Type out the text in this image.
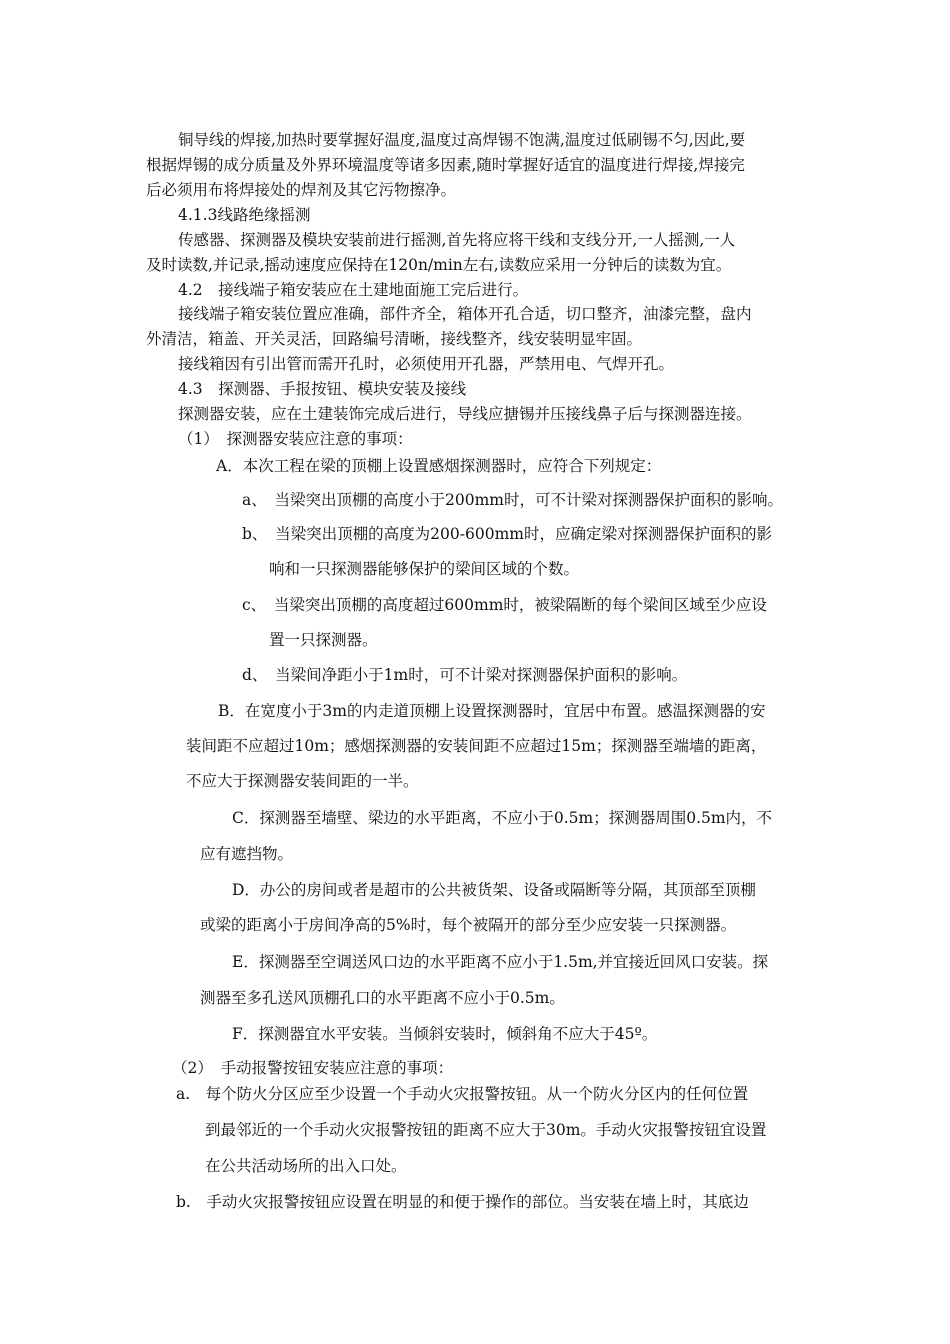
铜导线的焊接,加热时要掌握好温度,温度过高焊锡不饱满,温度过低刷锡不匀,因此,要
根据焊锡的成分质量及外界环境温度等诸多因素,随时掌握好适宜的温度进行焊接,焊接完
后必须用布将焊接处的焊剂及其它污物擦净。
4.1.3线路绝缘摇测
传感器、探测器及模块安装前进行摇测,首先将应将干线和支线分开,一人摇测,一人
及时读数,并记录,摇动速度应保持在120n/min左右,读数应采用一分钟后的读数为宜。
4.2　接线端子箱安装应在土建地面施工完后进行。
接线端子箱安装位置应准确，部件齐全，箱体开孔合适，切口整齐，油漆完整，盘内
外清洁，箱盖、开关灵活，回路编号清晰，接线整齐，线安装明显牢固。
接线箱因有引出管而需开孔时，必须使用开孔器，严禁用电、气焊开孔。
4.3　探测器、手报按钮、模块安装及接线
探测器安装，应在土建装饰完成后进行，导线应搪锡并压接线鼻子后与探测器连接。
（1）　探测器安装应注意的事项：
A．本次工程在梁的顶棚上设置感烟探测器时，应符合下列规定：
a、　当梁突出顶棚的高度小于200mm时，可不计梁对探测器保护面积的影响。
b、　当梁突出顶棚的高度为200-600mm时，应确定梁对探测器保护面积的影
响和一只探测器能够保护的梁间区域的个数。
c、　当梁突出顶棚的高度超过600mm时，被梁隔断的每个梁间区域至少应设
置一只探测器。
d、　当梁间净距小于1m时，可不计梁对探测器保护面积的影响。
B．在宽度小于3m的内走道顶棚上设置探测器时，宜居中布置。感温探测器的安
装间距不应超过10m；感烟探测器的安装间距不应超过15m；探测器至端墙的距离，
不应大于探测器安装间距的一半。
C．探测器至墙壁、梁边的水平距离，不应小于0.5m；探测器周围0.5m内，不
应有遮挡物。
D．办公的房间或者是超市的公共被货架、设备或隔断等分隔，其顶部至顶棚
或梁的距离小于房间净高的5%时，每个被隔开的部分至少应安装一只探测器。
E．探测器至空调送风口边的水平距离不应小于1.5m,并宜接近回风口安装。探
测器至多孔送风顶棚孔口的水平距离不应小于0.5m。
F．探测器宜水平安装。当倾斜安装时，倾斜角不应大于45º。
（2）　手动报警按钮安装应注意的事项：
a.　每个防火分区应至少设置一个手动火灾报警按钮。从一个防火分区内的任何位置
到最邻近的一个手动火灾报警按钮的距离不应大于30m。手动火灾报警按钮宜设置
在公共活动场所的出入口处。
b.　手动火灾报警按钮应设置在明显的和便于操作的部位。当安装在墙上时，其底边
